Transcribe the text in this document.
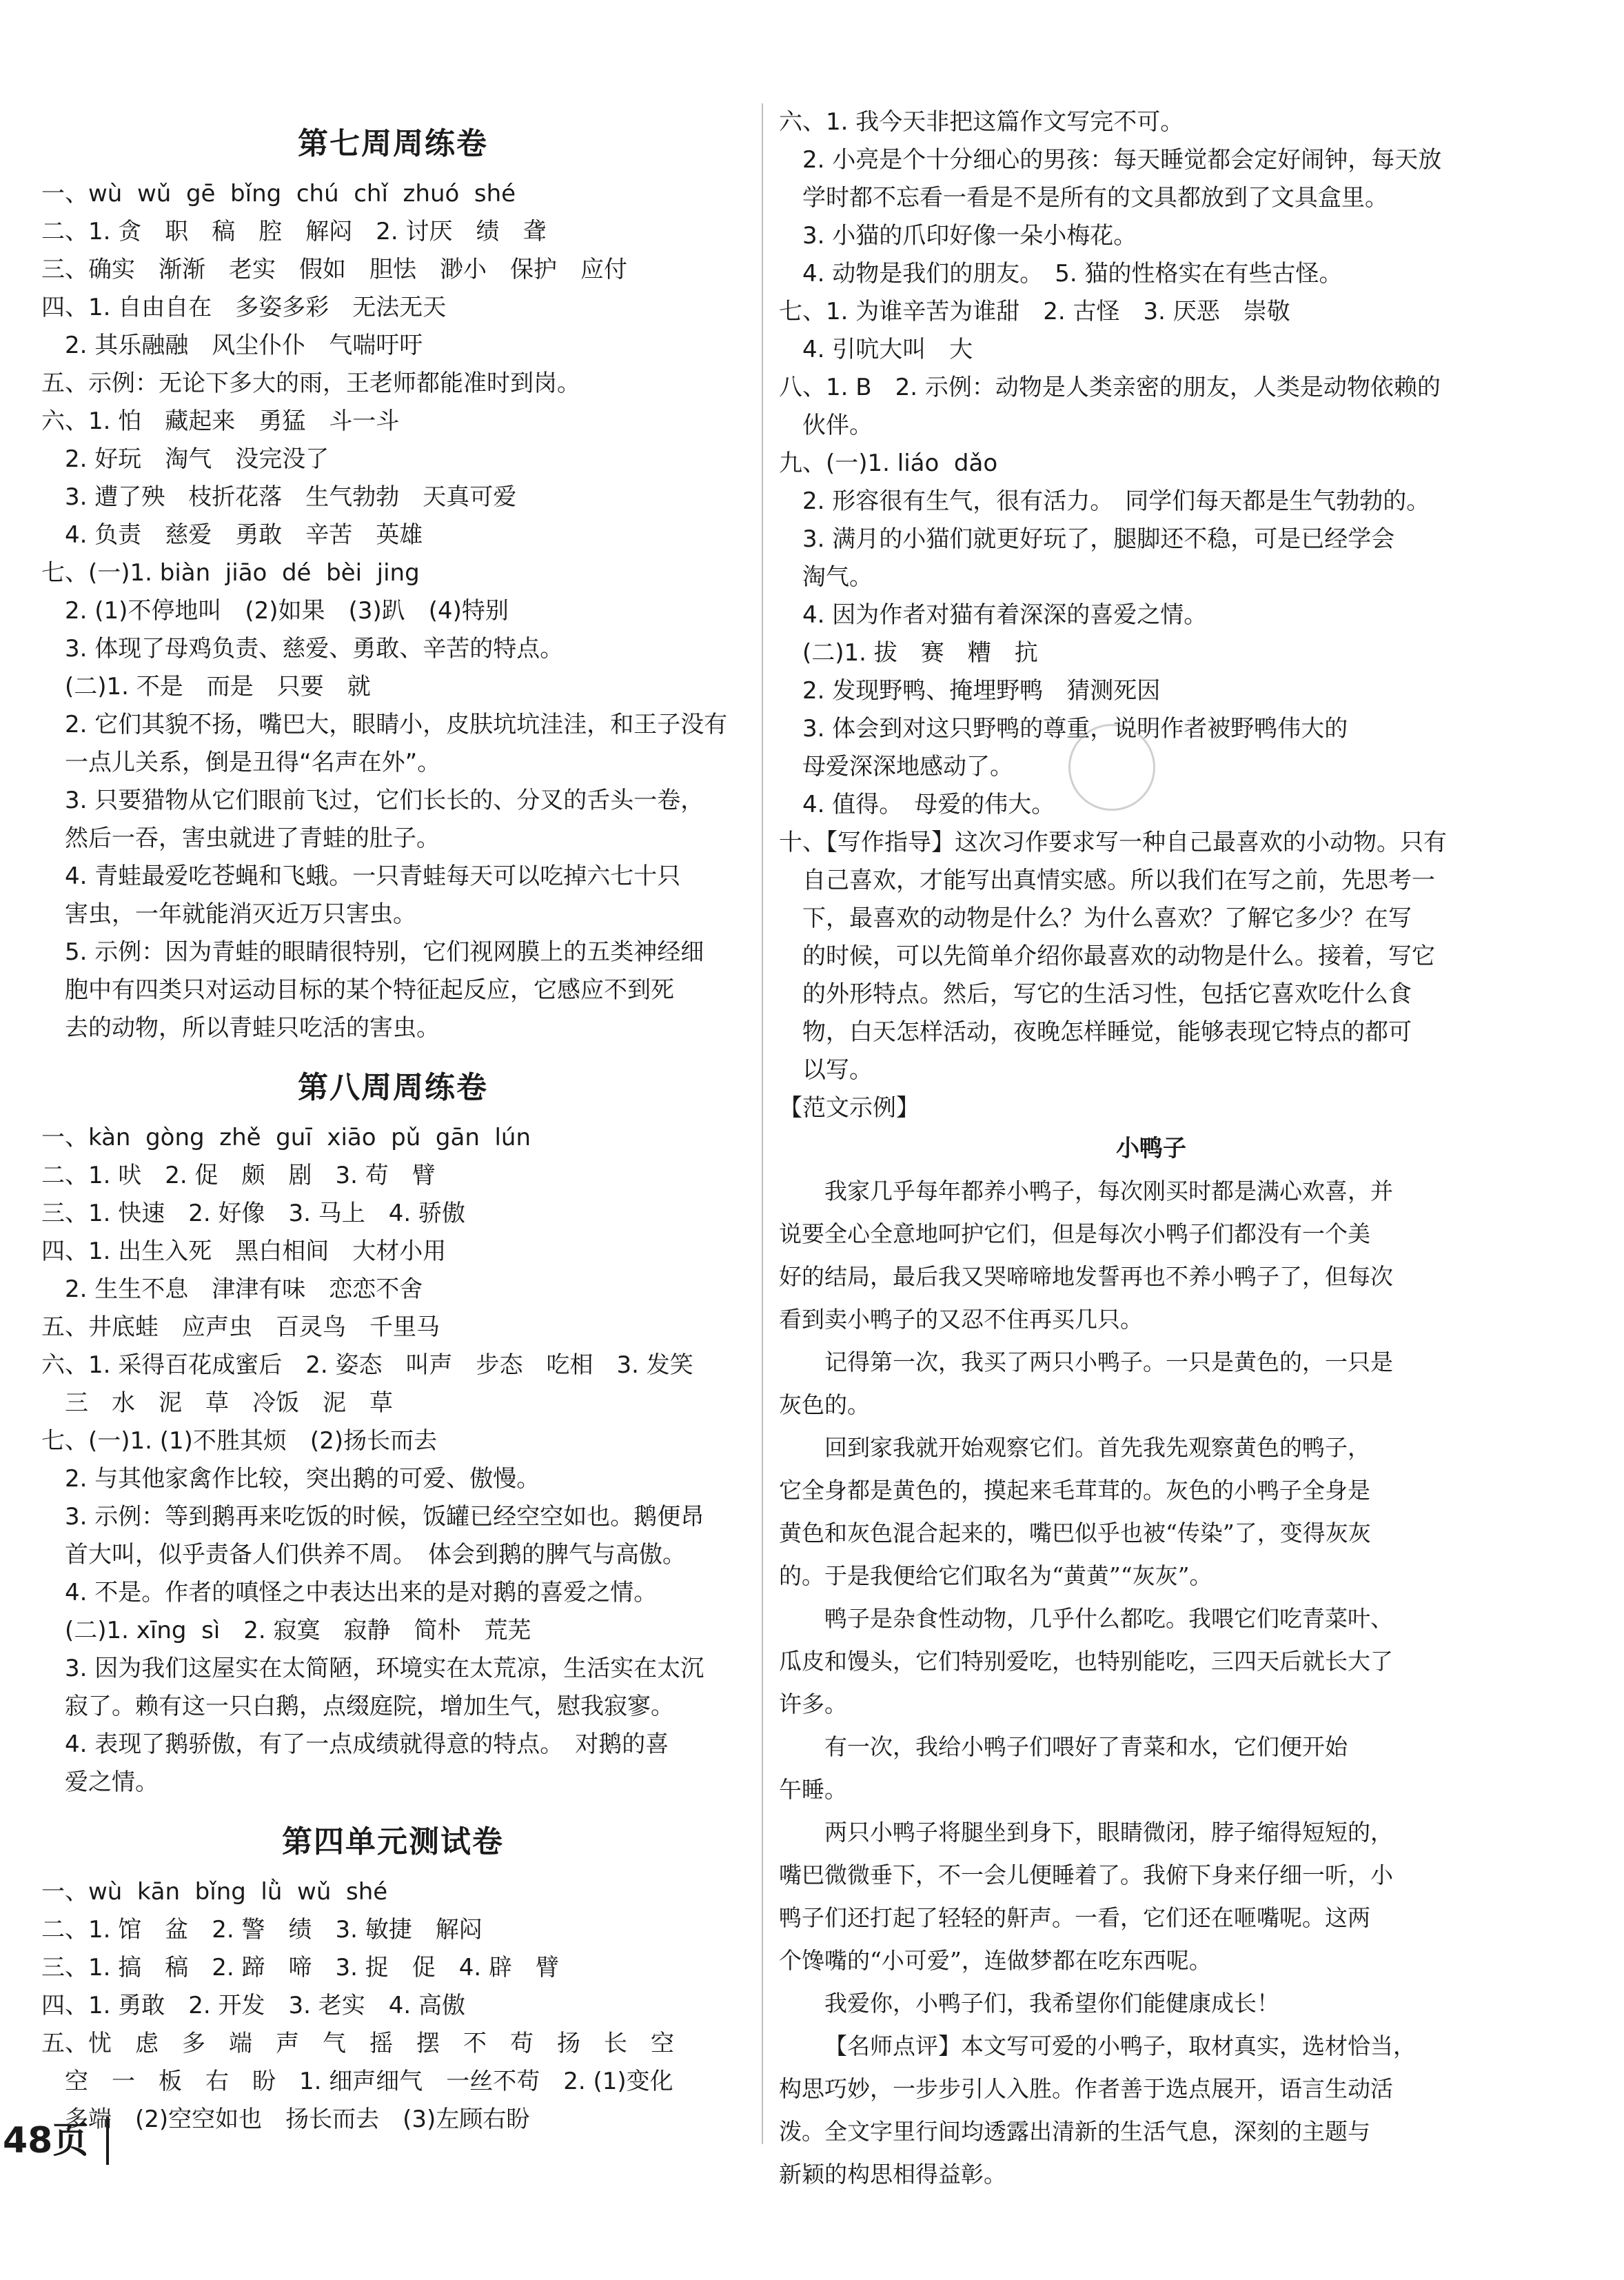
第七周周练卷
一、wù  wǔ  gē  bǐng  chú  chǐ  zhuó  shé
二、1. 贪　职　稿　腔　解闷　2. 讨厌　绩　聋
三、确实　渐渐　老实　假如　胆怯　渺小　保护　应付
四、1. 自由自在　多姿多彩　无法无天
　2. 其乐融融　风尘仆仆　气喘吁吁
五、示例：无论下多大的雨，王老师都能准时到岗。
六、1. 怕　藏起来　勇猛　斗一斗
　2. 好玩　淘气　没完没了
　3. 遭了殃　枝折花落　生气勃勃　天真可爱
　4. 负责　慈爱　勇敢　辛苦　英雄
七、(一)1. biàn  jiāo  dé  bèi  jing
　2. (1)不停地叫　(2)如果　(3)趴　(4)特别
　3. 体现了母鸡负责、慈爱、勇敢、辛苦的特点。
　(二)1. 不是　而是　只要　就
　2. 它们其貌不扬，嘴巴大，眼睛小，皮肤坑坑洼洼，和王子没有
　一点儿关系，倒是丑得“名声在外”。
　3. 只要猎物从它们眼前飞过，它们长长的、分叉的舌头一卷，
　然后一吞，害虫就进了青蛙的肚子。
　4. 青蛙最爱吃苍蝇和飞蛾。一只青蛙每天可以吃掉六七十只
　害虫，一年就能消灭近万只害虫。
　5. 示例：因为青蛙的眼睛很特别，它们视网膜上的五类神经细
　胞中有四类只对运动目标的某个特征起反应，它感应不到死
　去的动物，所以青蛙只吃活的害虫。
第八周周练卷
一、kàn  gòng  zhě  guī  xiāo  pǔ  gān  lún
二、1. 吠　2. 促　颇　剧　3. 苟　臂
三、1. 快速　2. 好像　3. 马上　4. 骄傲
四、1. 出生入死　黑白相间　大材小用
　2. 生生不息　津津有味　恋恋不舍
五、井底蛙　应声虫　百灵鸟　千里马
六、1. 采得百花成蜜后　2. 姿态　叫声　步态　吃相　3. 发笑
　三　水　泥　草　冷饭　泥　草
七、(一)1. (1)不胜其烦　(2)扬长而去
　2. 与其他家禽作比较，突出鹅的可爱、傲慢。
　3. 示例：等到鹅再来吃饭的时候，饭罐已经空空如也。鹅便昂
　首大叫，似乎责备人们供养不周。　体会到鹅的脾气与高傲。
　4. 不是。作者的嗔怪之中表达出来的是对鹅的喜爱之情。
　(二)1. xīng  sì　2. 寂寞　寂静　简朴　荒芜
　3. 因为我们这屋实在太简陋，环境实在太荒凉，生活实在太沉
　寂了。赖有这一只白鹅，点缀庭院，增加生气，慰我寂寥。
　4. 表现了鹅骄傲，有了一点成绩就得意的特点。　对鹅的喜
　爱之情。
第四单元测试卷
一、wù  kān  bǐng  lǜ  wǔ  shé
二、1. 馆　盆　2. 警　绩　3. 敏捷　解闷
三、1. 搞　稿　2. 蹄　啼　3. 捉　促　4. 辟　臂
四、1. 勇敢　2. 开发　3. 老实　4. 高傲
五、忧　虑　多　端　声　气　摇　摆　不　苟　扬　长　空
　空　一　板　右　盼　1. 细声细气　一丝不苟　2. (1)变化
　多端　(2)空空如也　扬长而去　(3)左顾右盼
六、1. 我今天非把这篇作文写完不可。
　2. 小亮是个十分细心的男孩：每天睡觉都会定好闹钟，每天放
　学时都不忘看一看是不是所有的文具都放到了文具盒里。
　3. 小猫的爪印好像一朵小梅花。
　4. 动物是我们的朋友。　5. 猫的性格实在有些古怪。
七、1. 为谁辛苦为谁甜　2. 古怪　3. 厌恶　崇敬
　4. 引吭大叫　大
八、1. B　2. 示例：动物是人类亲密的朋友，人类是动物依赖的
　伙伴。
九、(一)1. liáo  dǎo
　2. 形容很有生气，很有活力。　同学们每天都是生气勃勃的。
　3. 满月的小猫们就更好玩了，腿脚还不稳，可是已经学会
　淘气。
　4. 因为作者对猫有着深深的喜爱之情。
　(二)1. 拔　赛　糟　抗
　2. 发现野鸭、掩埋野鸭　猜测死因
　3. 体会到对这只野鸭的尊重，说明作者被野鸭伟大的
　母爱深深地感动了。
　4. 值得。　母爱的伟大。
十、【写作指导】这次习作要求写一种自己最喜欢的小动物。只有
　自己喜欢，才能写出真情实感。所以我们在写之前，先思考一
　下，最喜欢的动物是什么？为什么喜欢？了解它多少？在写
　的时候，可以先简单介绍你最喜欢的动物是什么。接着，写它
　的外形特点。然后，写它的生活习性，包括它喜欢吃什么食
　物，白天怎样活动，夜晚怎样睡觉，能够表现它特点的都可
　以写。
【范文示例】
小鸭子
我家几乎每年都养小鸭子，每次刚买时都是满心欢喜，并
说要全心全意地呵护它们，但是每次小鸭子们都没有一个美
好的结局，最后我又哭啼啼地发誓再也不养小鸭子了，但每次
看到卖小鸭子的又忍不住再买几只。
记得第一次，我买了两只小鸭子。一只是黄色的，一只是
灰色的。
回到家我就开始观察它们。首先我先观察黄色的鸭子，
它全身都是黄色的，摸起来毛茸茸的。灰色的小鸭子全身是
黄色和灰色混合起来的，嘴巴似乎也被“传染”了，变得灰灰
的。于是我便给它们取名为“黄黄”“灰灰”。
鸭子是杂食性动物，几乎什么都吃。我喂它们吃青菜叶、
瓜皮和馒头，它们特别爱吃，也特别能吃，三四天后就长大了
许多。
有一次，我给小鸭子们喂好了青菜和水，它们便开始
午睡。
两只小鸭子将腿坐到身下，眼睛微闭，脖子缩得短短的，
嘴巴微微垂下，不一会儿便睡着了。我俯下身来仔细一听，小
鸭子们还打起了轻轻的鼾声。一看，它们还在咂嘴呢。这两
个馋嘴的“小可爱”，连做梦都在吃东西呢。
我爱你，小鸭子们，我希望你们能健康成长！
【名师点评】本文写可爱的小鸭子，取材真实，选材恰当，
构思巧妙，一步步引人入胜。作者善于选点展开，语言生动活
泼。全文字里行间均透露出清新的生活气息，深刻的主题与
新颖的构思相得益彰。
48页
